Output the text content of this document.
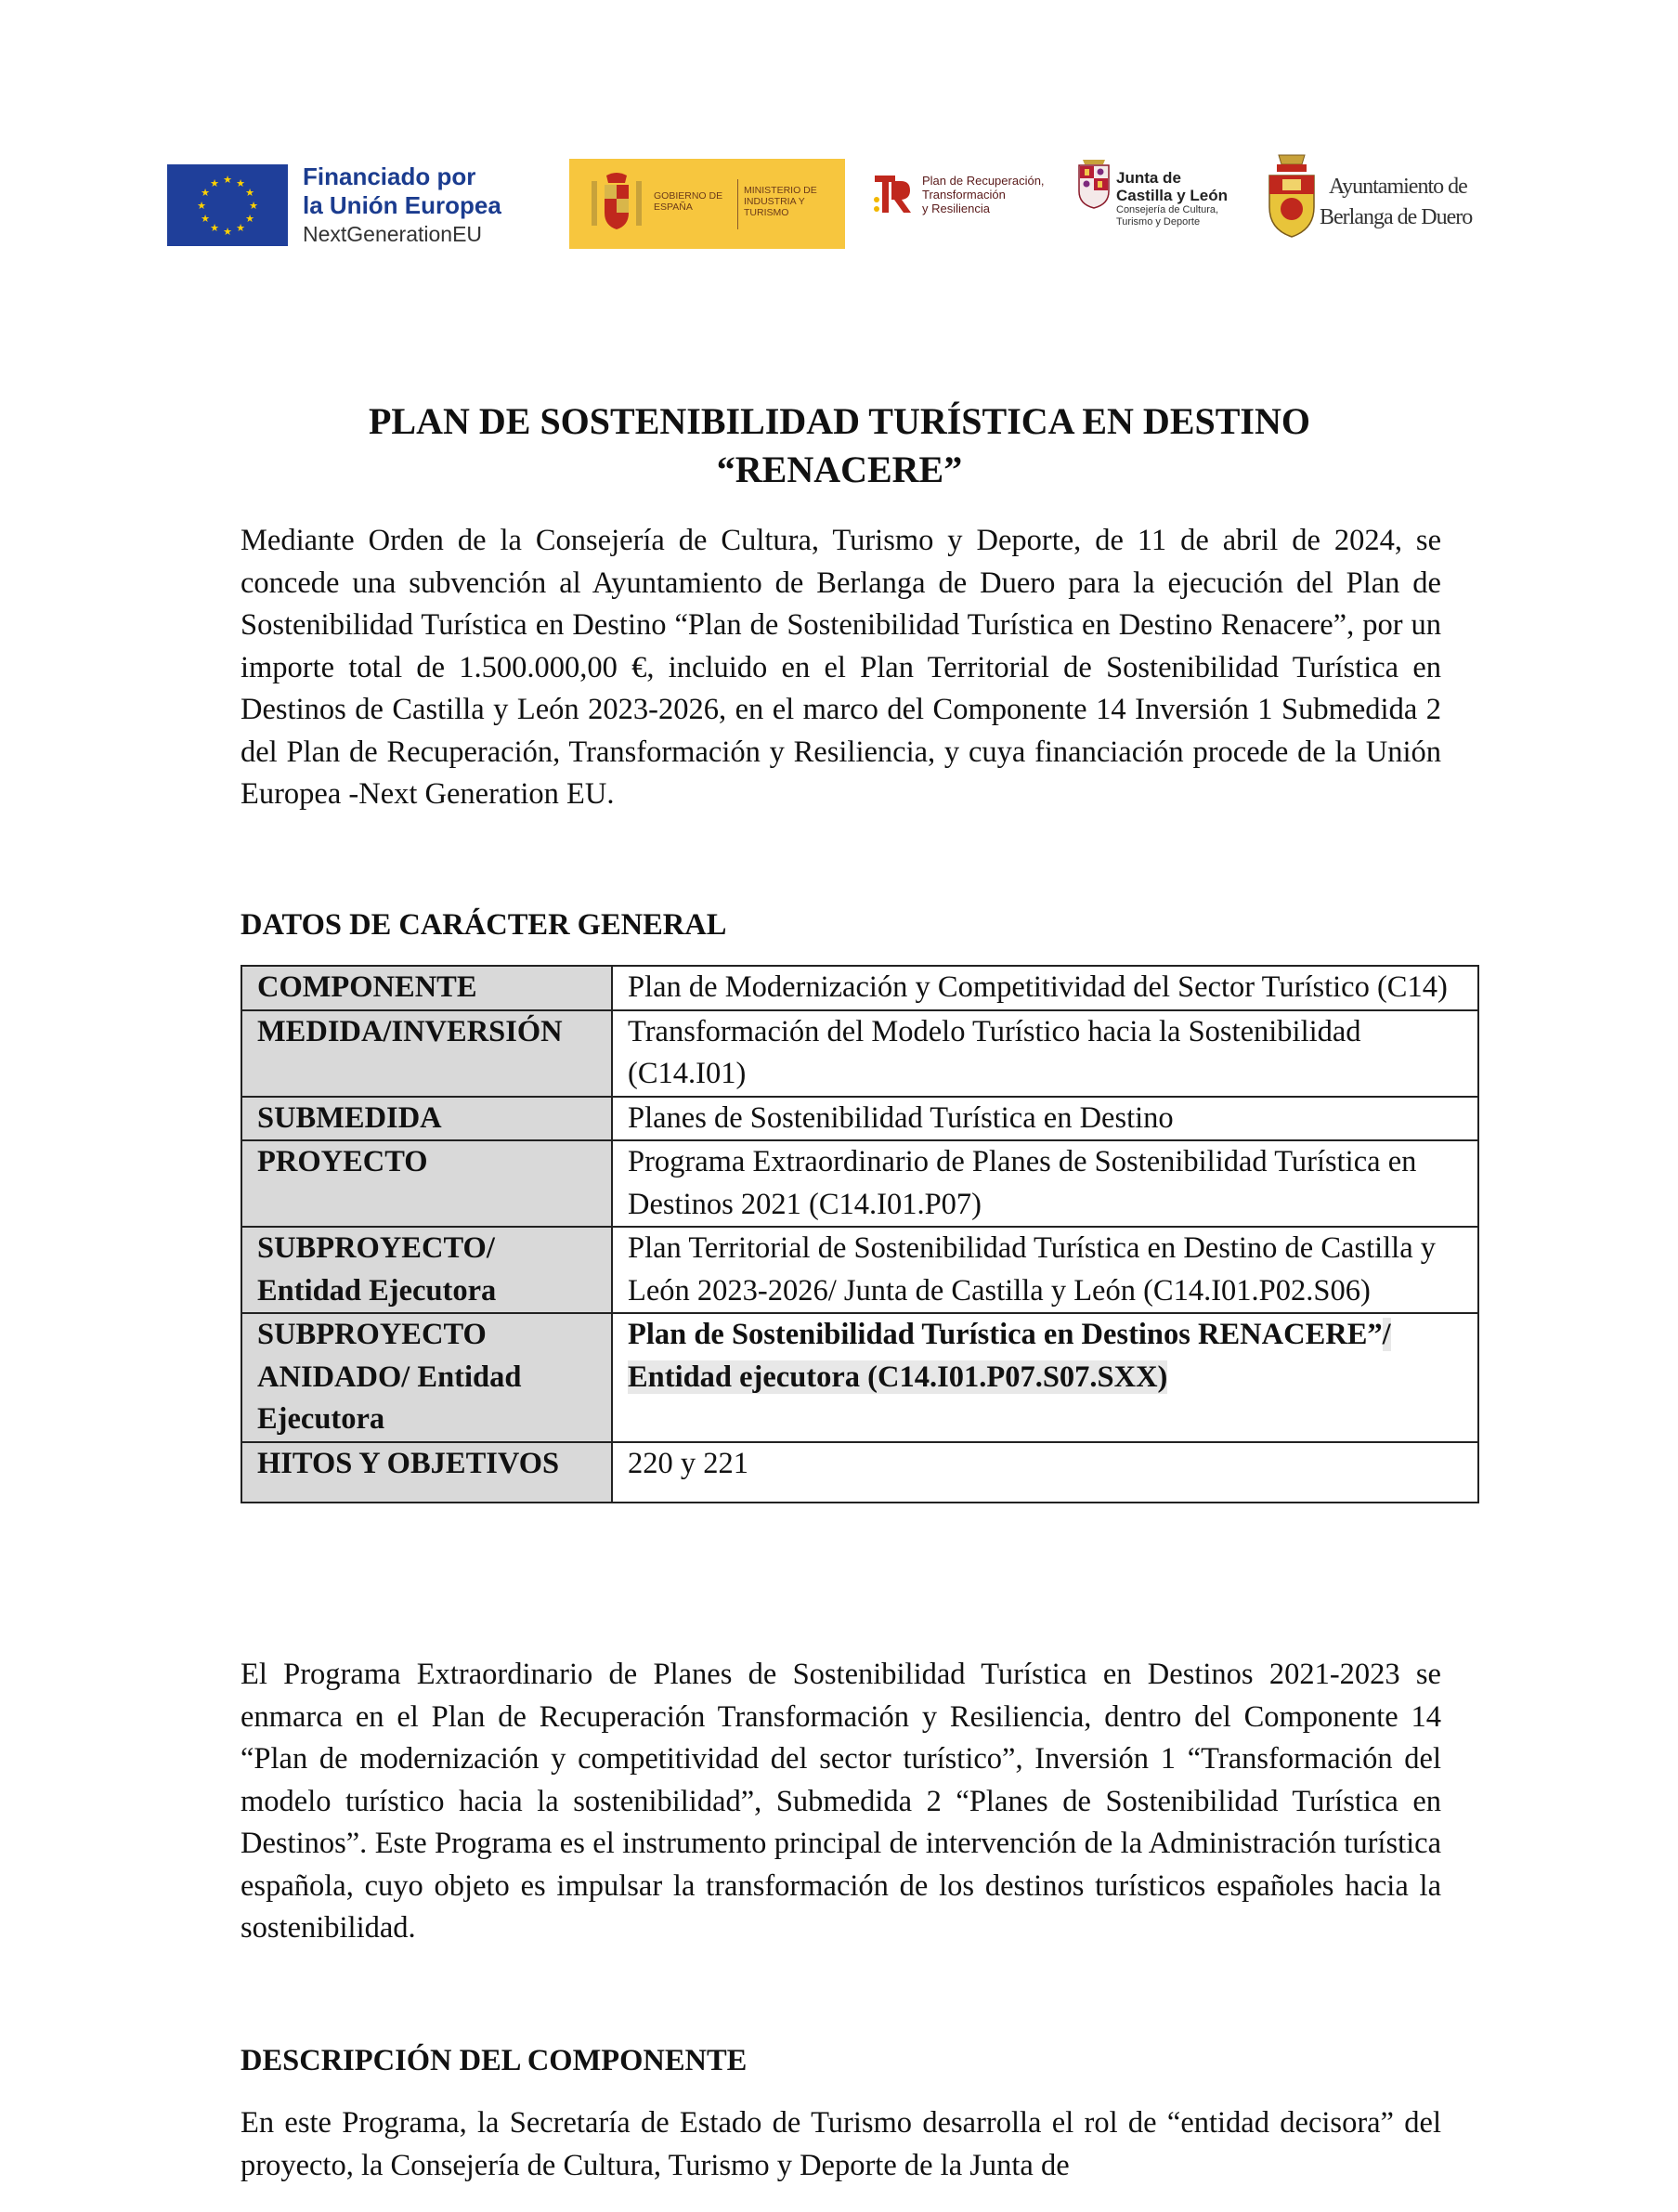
★ ★
★
★
★
★
★
★
★
★
★
★	Financiado por
la Unión Europea
NextGenerationEU
GOBIERNO DE ESPAÑA
MINISTERIO DE INDUSTRIA Y TURISMO
Plan de Recuperación,
Transformación
y Resiliencia
Junta de
Castilla y León
Consejería de Cultura,
Turismo y Deporte
Ayuntamiento de
Berlanga de Duero
PLAN DE SOSTENIBILIDAD TURÍSTICA EN DESTINO
“RENACERE”
Mediante Orden de la Consejería de Cultura, Turismo y Deporte, de 11 de abril de 2024, se concede una subvención al Ayuntamiento de Berlanga de Duero para la ejecución del Plan de Sostenibilidad Turística en Destino “Plan de Sostenibilidad Turística en Destino Renacere”, por un importe total de 1.500.000,00 €, incluido en el Plan Territorial de Sostenibilidad Turística en Destinos de Castilla y León 2023-2026, en el marco del Componente 14 Inversión 1 Submedida 2 del Plan de Recuperación, Transformación y Resiliencia, y cuya financiación procede de la Unión Europea -Next Generation EU.
DATOS DE CARÁCTER GENERAL
COMPONENTE	Plan de Modernización y Competitividad del Sector Turístico (C14)
MEDIDA/INVERSIÓN	Transformación del Modelo Turístico hacia la Sostenibilidad (C14.I01)
SUBMEDIDA	Planes de Sostenibilidad Turística en Destino
PROYECTO	Programa Extraordinario de Planes de Sostenibilidad Turística en Destinos 2021 (C14.I01.P07)
SUBPROYECTO/ Entidad Ejecutora	Plan Territorial de Sostenibilidad Turística en Destino de Castilla y León 2023-2026/ Junta de Castilla y León (C14.I01.P02.S06)
SUBPROYECTO ANIDADO/ Entidad Ejecutora	Plan de Sostenibilidad Turística en Destinos RENACERE”/ Entidad ejecutora (C14.I01.P07.S07.SXX)
HITOS Y OBJETIVOS	220 y 221
El Programa Extraordinario de Planes de Sostenibilidad Turística en Destinos 2021-2023 se enmarca en el Plan de Recuperación Transformación y Resiliencia, dentro del Componente 14 “Plan de modernización y competitividad del sector turístico”, Inversión 1 “Transformación del modelo turístico hacia la sostenibilidad”, Submedida 2 “Planes de Sostenibilidad Turística en Destinos”. Este Programa es el instrumento principal de intervención de la Administración turística española, cuyo objeto es impulsar la transformación de los destinos turísticos españoles hacia la sostenibilidad.
DESCRIPCIÓN DEL COMPONENTE
En este Programa, la Secretaría de Estado de Turismo desarrolla el rol de “entidad decisora” del proyecto, la Consejería de Cultura, Turismo y Deporte de la Junta de
